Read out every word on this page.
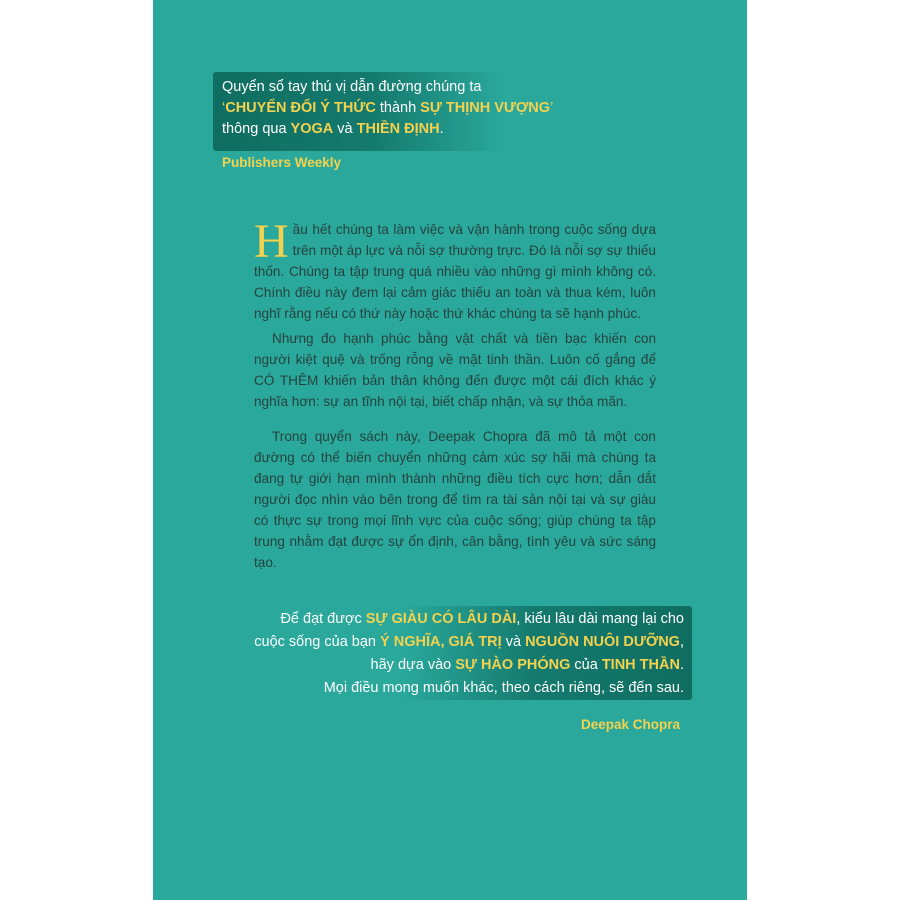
Quyển sổ tay thú vị dẫn đường chúng ta
‘CHUYỂN ĐỔI Ý THỨC thành SỰ THỊNH VƯỢNG’
thông qua YOGA và THIỀN ĐỊNH.
Publishers Weekly

Hầu hết chúng ta làm việc và vận hành trong cuộc sống dựa trên một áp lực và nỗi sợ thường trực. Đó là nỗi sợ sự thiếu thốn. Chúng ta tập trung quá nhiều vào những gì mình không có. Chính điều này đem lại cảm giác thiếu an toàn và thua kém, luôn nghĩ rằng nếu có thứ này hoặc thứ khác chúng ta sẽ hạnh phúc.

Nhưng đo hạnh phúc bằng vật chất và tiền bạc khiến con người kiệt quệ và trống rỗng về mặt tinh thần. Luôn cố gắng để CÓ THÊM khiến bản thân không đến được một cái đích khác ý nghĩa hơn: sự an tĩnh nội tại, biết chấp nhận, và sự thỏa mãn.

Trong quyển sách này, Deepak Chopra đã mô tả một con đường có thể biến chuyển những cảm xúc sợ hãi mà chúng ta đang tự giới hạn mình thành những điều tích cực hơn; dẫn dắt người đọc nhìn vào bên trong để tìm ra tài sản nội tại và sự giàu có thực sự trong mọi lĩnh vực của cuộc sống; giúp chúng ta tập trung nhằm đạt được sự ổn định, cân bằng, tình yêu và sức sáng tạo.

Để đạt được SỰ GIÀU CÓ LÂU DÀI, kiểu lâu dài mang lại cho
cuộc sống của bạn Ý NGHĨA, GIÁ TRỊ và NGUỒN NUÔI DƯỠNG,
hãy dựa vào SỰ HÀO PHÓNG của TINH THẦN.
Mọi điều mong muốn khác, theo cách riêng, sẽ đến sau.
Deepak Chopra
